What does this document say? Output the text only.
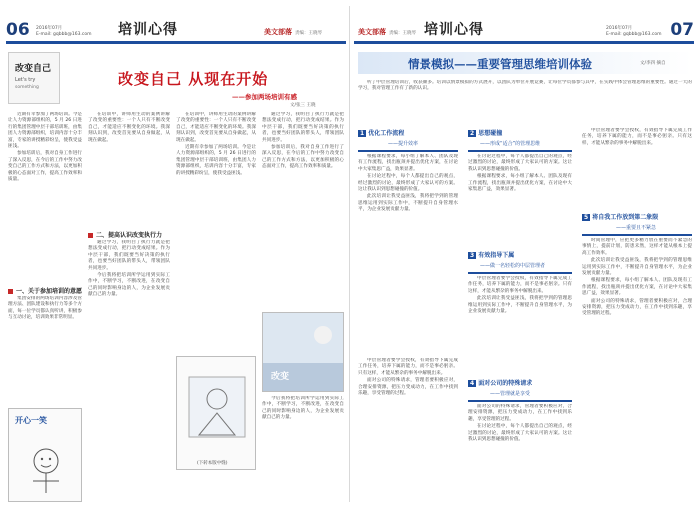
06 2016年07月
E-mail: gqbbb@163.com 培训心得	美文部落 责编：王晓琴
改变自己
Let's try
something	改变自己 从现在开始
——参加两场培训有感
文/张三 王晓

近期有幸参加了两场培训。今是让人力资源部组织的，5 月 26 日进行的集团管理中层干部培训班，由集团人力资源部组织，培训内容十分丰富，专家的讲授精彩纷呈，使我受益匪浅。

参加培训后，我对自身工作进行了深入反思，在今后的工作中努力改变自己的工作方式和方法，以更加积极的心态面对工作，提高工作效率和质量。

一、关于参加培训的意愿

集团安排的两场培训内容涉及管理方法、团队建设和执行力等多个方面，每一位学员都认真听讲，积极参与互动讨论，培训效果非常明显。

在培训中，讲师用生动的案例讲解了改变的重要性：一个人只有不断改变自己，才能适应不断变化的环境。我深刻认识到，改变首先要从自身做起，从现在做起。

二、提高认识改变执行力

通过学习，我明白了执行力就是把想法变成行动，把行动变成结果。作为中层干部，我们既要当好决策的执行者，也要当好团队的带头人，带领团队共同进步。

今后我将把培训所学运用到实际工作中，不断学习，不断改进，在改变自己的同时影响身边的人，为企业发展贡献自己的力量。

在培训中，讲师用生动的案例讲解了改变的重要性：一个人只有不断改变自己，才能适应不断变化的环境。我深刻认识到，改变首先要从自身做起，从现在做起。

近期有幸参加了两场培训。今是让人力资源部组织的，5 月 26 日进行的集团管理中层干部培训班，由集团人力资源部组织，培训内容十分丰富，专家的讲授精彩纷呈，使我受益匪浅。

通过学习，我明白了执行力就是把想法变成行动，把行动变成结果。作为中层干部，我们既要当好决策的执行者，也要当好团队的带头人，带领团队共同进步。

参加培训后，我对自身工作进行了深入反思，在今后的工作中努力改变自己的工作方式和方法，以更加积极的心态面对工作，提高工作效率和质量。

开心一笑
(下转本版中缝)
改变

今后我将把培训所学运用到实际工作中，不断学习，不断改进，在改变自己的同时影响身边的人，为企业发展贡献自己的力量。

美文部落 责编：王晓琴 培训心得	2016年07月
E-mail: gqbbb@163.com 07
情景模拟——重要管理思维培训体验	文/李四 摘自

听了中层管理培训后，收获颇多。培训以情景模拟的方式展开，以团队为单位开展竞赛，让每位学员都参与其中，在实践中体会管理思维的重要性。通过一天的学习，我对管理工作有了新的认识。

1 优化工作流程
——提升效率

根据课程要求，每小组了解本人、团队及现有工作流程，找出瓶颈并提出优化方案，在讨论中大家集思广益，效果显著。

在讨论过程中，每个人都提出自己的观点，经过激烈的讨论，最终形成了大家认可的方案。这让我认识到思想碰撞的价值。

此次培训让我受益匪浅，我将把学到的管理思维运用到实际工作中，不断提升自身管理水平，为企业发展贡献力量。

中层管理者要学会授权，有效指导下属完成工作任务，培养下属的能力，而不是事必躬亲。只有这样，才能从繁杂的事务中解脱出来。

面对公司的特殊请求，管理者要积极应对，合理安排资源，把压力变成动力，在工作中找到乐趣，享受管理的过程。

2 思想碰撞
——形成“适合”的管理思维

在讨论过程中，每个人都提出自己的观点，经过激烈的讨论，最终形成了大家认可的方案。这让我认识到思想碰撞的价值。

根据课程要求，每小组了解本人、团队及现有工作流程，找出瓶颈并提出优化方案，在讨论中大家集思广益，效果显著。

3 有效指导下属
——做一名轻松的中层管理者

中层管理者要学会授权，有效指导下属完成工作任务，培养下属的能力，而不是事必躬亲。只有这样，才能从繁杂的事务中解脱出来。

此次培训让我受益匪浅，我将把学到的管理思维运用到实际工作中，不断提升自身管理水平，为企业发展贡献力量。

4 面对公司的特殊请求
——管理就是享受

面对公司的特殊请求，管理者要积极应对，合理安排资源，把压力变成动力，在工作中找到乐趣，享受管理的过程。

在讨论过程中，每个人都提出自己的观点，经过激烈的讨论，最终形成了大家认可的方案。这让我认识到思想碰撞的价值。

中层管理者要学会授权，有效指导下属完成工作任务，培养下属的能力，而不是事必躬亲。只有这样，才能从繁杂的事务中解脱出来。

5 将自我工作放到第二象限
——重要且不紧急

时间管理中，应把更多精力放在重要而不紧急的事情上，提前计划，防患未然，这样才能从根本上提高工作效率。

此次培训让我受益匪浅，我将把学到的管理思维运用到实际工作中，不断提升自身管理水平，为企业发展贡献力量。

根据课程要求，每小组了解本人、团队及现有工作流程，找出瓶颈并提出优化方案，在讨论中大家集思广益，效果显著。

面对公司的特殊请求，管理者要积极应对，合理安排资源，把压力变成动力，在工作中找到乐趣，享受管理的过程。
